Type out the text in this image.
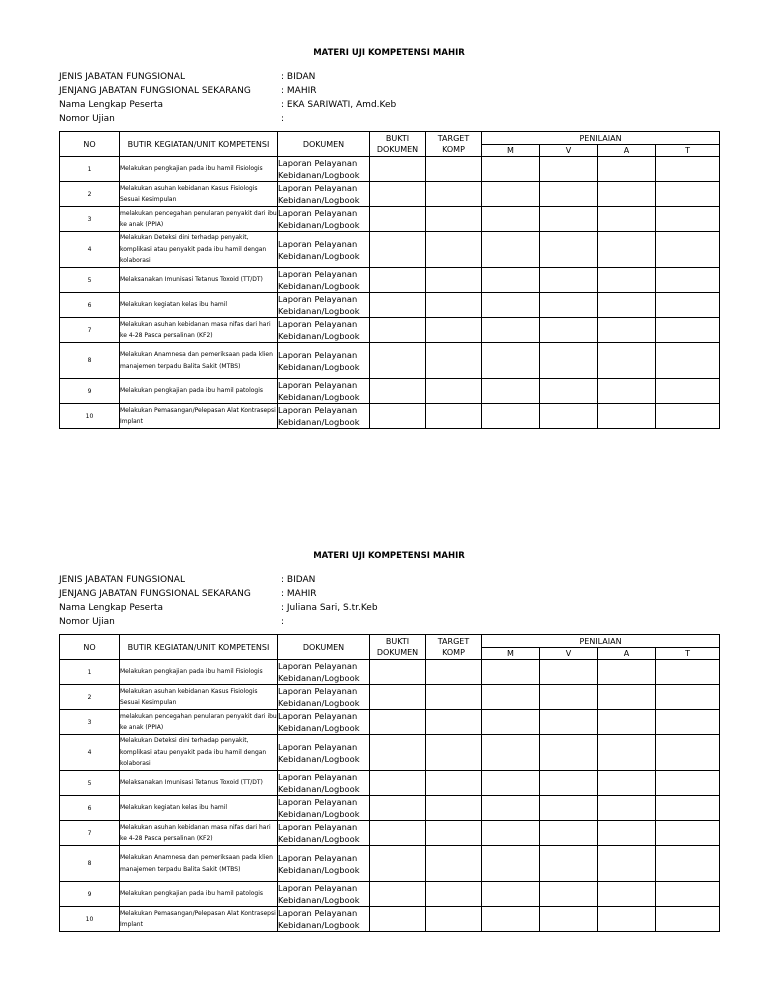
MATERI UJI KOMPETENSI MAHIR
JENIS JABATAN FUNGSIONAL	: BIDAN
JENJANG JABATAN FUNGSIONAL SEKARANG	: MAHIR
Nama Lengkap Peserta	: EKA SARIWATI, Amd.Keb
Nomor Ujian	:
NO	BUTIR KEGIATAN/UNIT KOMPETENSI	DOKUMEN	BUKTI DOKUMEN	TARGET KOMP	PENILAIAN			
					M	V	A	T
1	Melakukan pengkajian pada ibu hamil Fisiologis	Laporan Pelayanan Kebidanan/Logbook						
2	Melakukan asuhan kebidanan Kasus Fisiologis Sesuai Kesimpulan	Laporan Pelayanan Kebidanan/Logbook						
3	melakukan pencegahan penularan penyakit dari ibu ke anak (PPIA)	Laporan Pelayanan Kebidanan/Logbook						
4	Melakukan Deteksi dini terhadap penyakit, komplikasi atau penyakit pada ibu hamil dengan kolaborasi	Laporan Pelayanan Kebidanan/Logbook						
5	Melaksanakan Imunisasi Tetanus Toxoid (TT/DT)	Laporan Pelayanan Kebidanan/Logbook						
6	Melakukan kegiatan kelas ibu hamil	Laporan Pelayanan Kebidanan/Logbook						
7	Melakukan asuhan kebidanan masa nifas dari hari ke 4-28 Pasca persalinan (KF2)	Laporan Pelayanan Kebidanan/Logbook						
8	Melakukan Anamnesa dan pemeriksaan pada klien manajemen terpadu Balita Sakit (MTBS)	Laporan Pelayanan Kebidanan/Logbook						
9	Melakukan pengkajian pada ibu hamil patologis	Laporan Pelayanan Kebidanan/Logbook						
10	Melakukan Pemasangan/Pelepasan Alat Kontrasepsi Implant	Laporan Pelayanan Kebidanan/Logbook						
MATERI UJI KOMPETENSI MAHIR
JENIS JABATAN FUNGSIONAL	: BIDAN
JENJANG JABATAN FUNGSIONAL SEKARANG	: MAHIR
Nama Lengkap Peserta	: Juliana Sari, S.tr.Keb
Nomor Ujian	:
NO	BUTIR KEGIATAN/UNIT KOMPETENSI	DOKUMEN	BUKTI DOKUMEN	TARGET KOMP	PENILAIAN			
					M	V	A	T
1	Melakukan pengkajian pada ibu hamil Fisiologis	Laporan Pelayanan Kebidanan/Logbook						
2	Melakukan asuhan kebidanan Kasus Fisiologis Sesuai Kesimpulan	Laporan Pelayanan Kebidanan/Logbook						
3	melakukan pencegahan penularan penyakit dari ibu ke anak (PPIA)	Laporan Pelayanan Kebidanan/Logbook						
4	Melakukan Deteksi dini terhadap penyakit, komplikasi atau penyakit pada ibu hamil dengan kolaborasi	Laporan Pelayanan Kebidanan/Logbook						
5	Melaksanakan Imunisasi Tetanus Toxoid (TT/DT)	Laporan Pelayanan Kebidanan/Logbook						
6	Melakukan kegiatan kelas ibu hamil	Laporan Pelayanan Kebidanan/Logbook						
7	Melakukan asuhan kebidanan masa nifas dari hari ke 4-28 Pasca persalinan (KF2)	Laporan Pelayanan Kebidanan/Logbook						
8	Melakukan Anamnesa dan pemeriksaan pada klien manajemen terpadu Balita Sakit (MTBS)	Laporan Pelayanan Kebidanan/Logbook						
9	Melakukan pengkajian pada ibu hamil patologis	Laporan Pelayanan Kebidanan/Logbook						
10	Melakukan Pemasangan/Pelepasan Alat Kontrasepsi Implant	Laporan Pelayanan Kebidanan/Logbook						
